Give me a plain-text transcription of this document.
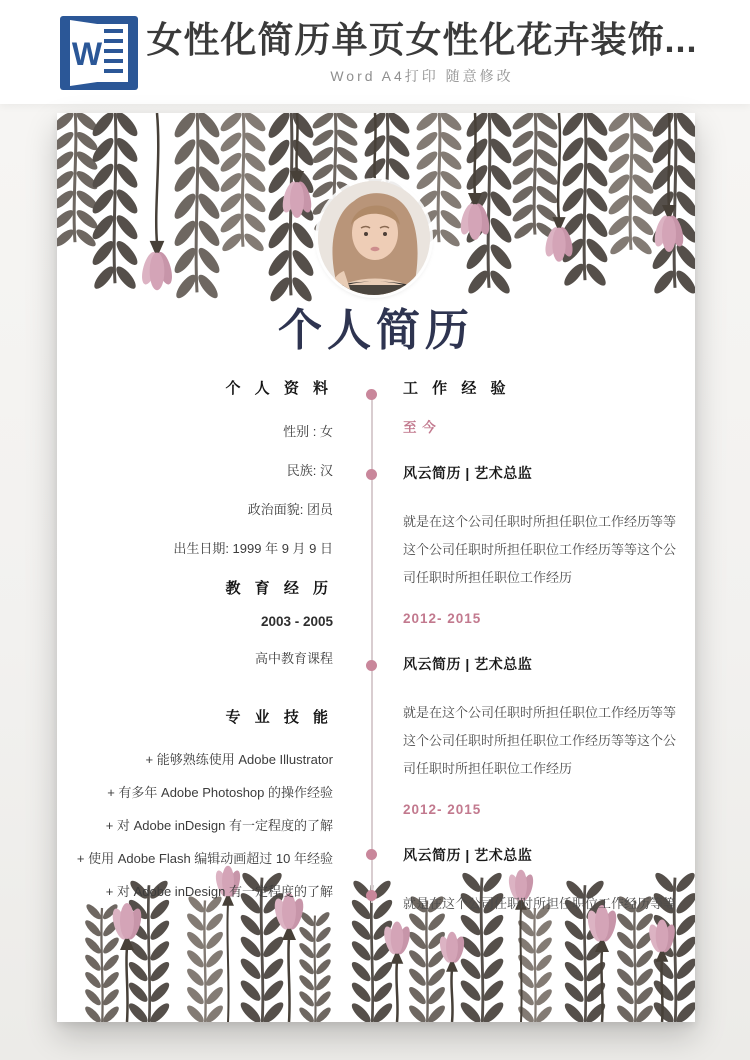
W 女性化简历单页女性化花卉装饰...
Word A4打印 随意修改
个人简历
个 人 资 料
性别 : 女
民族: 汉
政治面貌: 团员
出生日期: 1999 年 9 月 9 日
教 育 经 历
2003 - 2005
高中教育课程
专 业 技 能
+ 能够熟练使用 Adobe Illustrator
+ 有多年 Adobe Photoshop 的操作经验
+ 对 Adobe inDesign 有一定程度的了解
+ 使用 Adobe Flash 编辑动画超过 10 年经验
+ 对 Adobe inDesign 有一定程度的了解
工 作 经 验
至 今
风云简历 | 艺术总监
就是在这个公司任职时所担任职位工作经历等等
这个公司任职时所担任职位工作经历等等这个公
司任职时所担任职位工作经历
2012- 2015
风云简历 | 艺术总监
就是在这个公司任职时所担任职位工作经历等等
这个公司任职时所担任职位工作经历等等这个公
司任职时所担任职位工作经历
2012- 2015
风云简历 | 艺术总监
就是在这个公司任职时所担任职位工作经历等等
